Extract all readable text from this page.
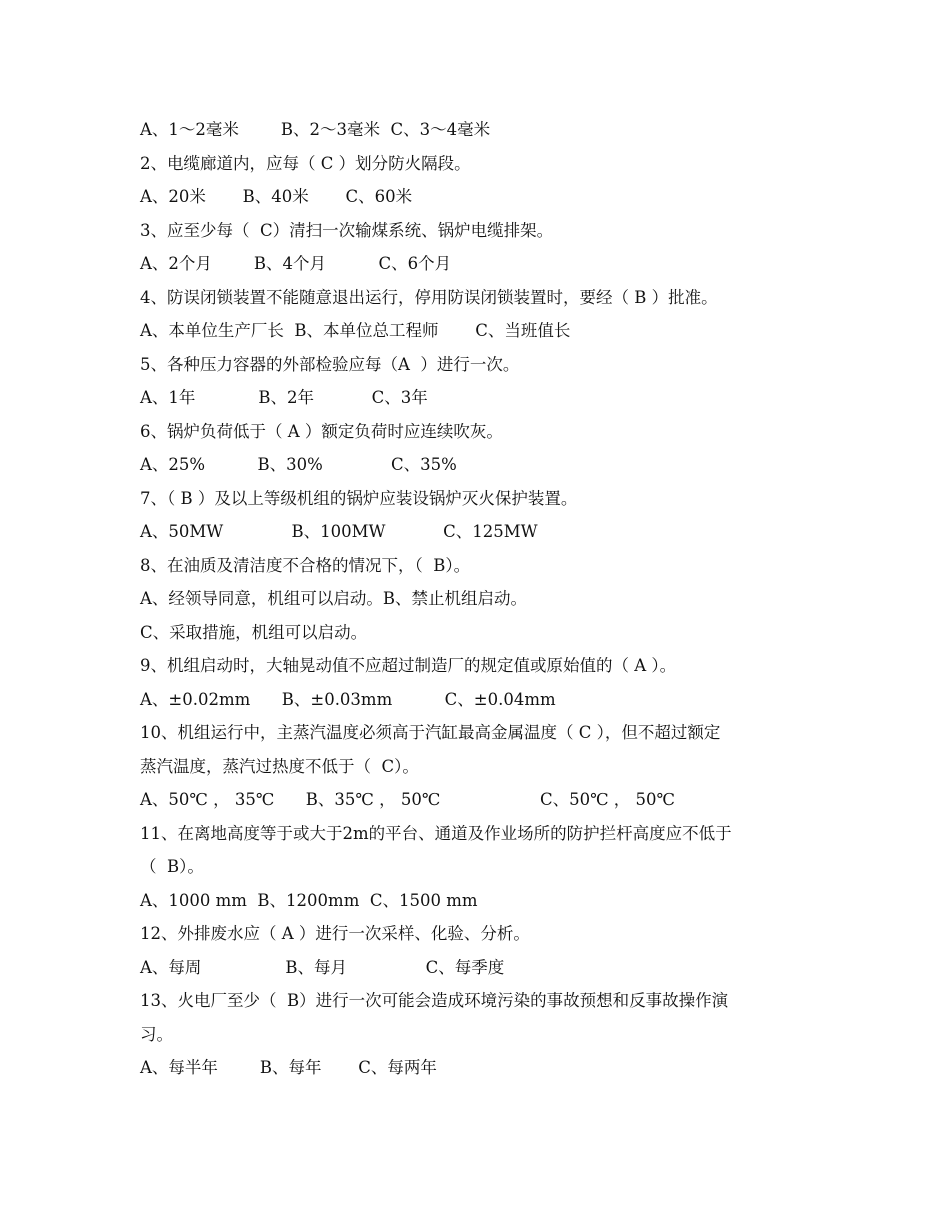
A、1～2毫米        B、2～3毫米  C、3～4毫米
2、电缆廊道内，应每（ C ）划分防火隔段。
A、20米       B、40米       C、60米
3、应至少每（  C）清扫一次输煤系统、锅炉电缆排架。
A、2个月        B、4个月          C、6个月
4、防误闭锁装置不能随意退出运行，停用防误闭锁装置时，要经（ B ）批准。
A、本单位生产厂长  B、本单位总工程师       C、当班值长
5、各种压力容器的外部检验应每（A  ）进行一次。
A、1年            B、2年           C、3年
6、锅炉负荷低于（ A ）额定负荷时应连续吹灰。
A、25%          B、30%             C、35%
7、（ B ）及以上等级机组的锅炉应装设锅炉灭火保护装置。
A、50MW             B、100MW           C、125MW
8、在油质及清洁度不合格的情况下，（  B）。
A、经领导同意，机组可以启动。B、禁止机组启动。
C、采取措施，机组可以启动。
9、机组启动时，大轴晃动值不应超过制造厂的规定值或原始值的（ A ）。
A、±0.02mm      B、±0.03mm          C、±0.04mm
10、机组运行中，主蒸汽温度必须高于汽缸最高金属温度（ C ），但不超过额定
蒸汽温度，蒸汽过热度不低于（  C）。
A、50℃ ， 35℃      B、35℃ ， 50℃                   C、50℃ ， 50℃
11、在离地高度等于或大于2m的平台、通道及作业场所的防护拦杆高度应不低于
（  B）。
A、1000 mm  B、1200mm  C、1500 mm
12、外排废水应（ A ）进行一次采样、化验、分析。
A、每周                B、每月               C、每季度
13、火电厂至少（  B）进行一次可能会造成环境污染的事故预想和反事故操作演
习。
A、每半年        B、每年       C、每两年
